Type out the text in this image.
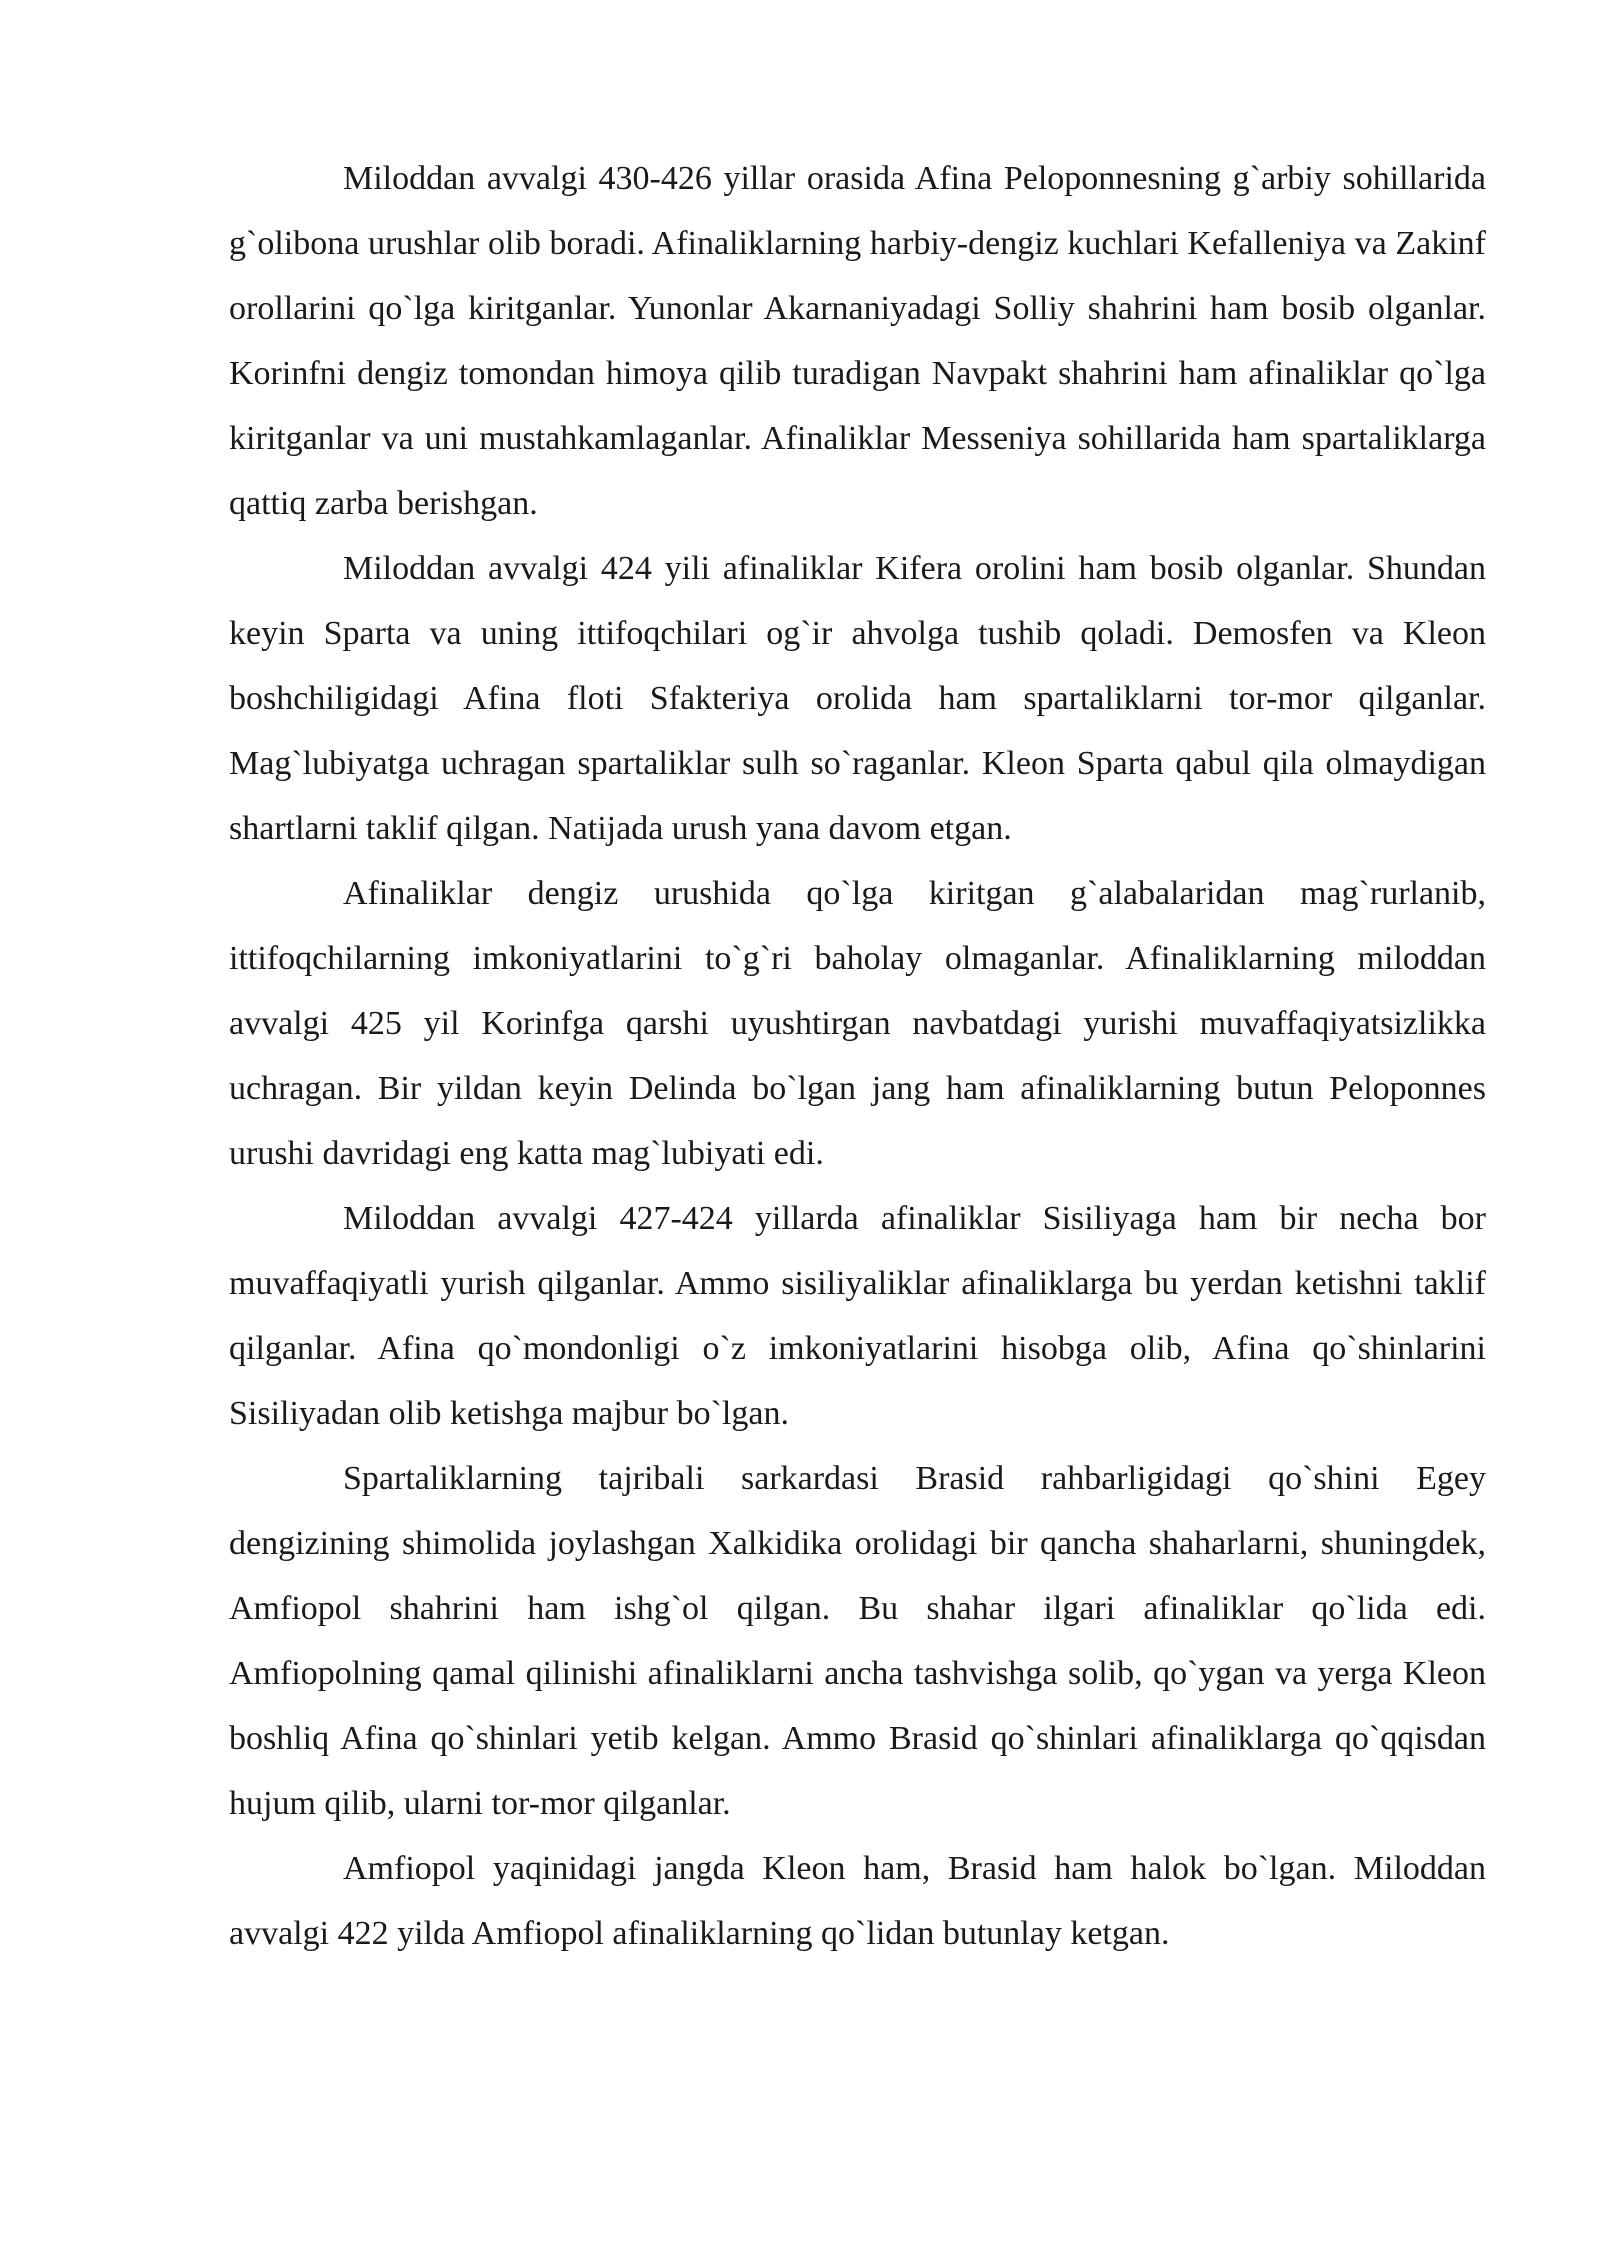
Miloddan avvalgi 430-426 yillar orasida Afina Peloponnesning g`arbiy sohillarida g`olibona urushlar olib boradi. Afinaliklarning harbiy-dengiz kuchlari Kefalleniya va Zakinf orollarini qo`lga kiritganlar. Yunonlar Akarnaniyadagi Solliy shahrini ham bosib olganlar. Korinfni dengiz tomondan himoya qilib turadigan Navpakt shahrini ham afinaliklar qo`lga kiritganlar va uni mustahkamlaganlar. Afinaliklar Messeniya sohillarida ham spartaliklarga qattiq zarba berishgan.

Miloddan avvalgi 424 yili afinaliklar Kifera orolini ham bosib olganlar. Shundan keyin Sparta va uning ittifoqchilari og`ir ahvolga tushib qoladi. Demosfen va Kleon boshchiligidagi Afina floti Sfakteriya orolida ham spartaliklarni tor-mor qilganlar. Mag`lubiyatga uchragan spartaliklar sulh so`raganlar. Kleon Sparta qabul qila olmaydigan shartlarni taklif qilgan. Natijada urush yana davom etgan.

Afinaliklar dengiz urushida qo`lga kiritgan g`alabalaridan mag`rurlanib, ittifoqchilarning imkoniyatlarini to`g`ri baholay olmaganlar. Afinaliklarning miloddan avvalgi 425 yil Korinfga qarshi uyushtirgan navbatdagi yurishi muvaffaqiyatsizlikka uchragan. Bir yildan keyin Delinda bo`lgan jang ham afinaliklarning butun Peloponnes urushi davridagi eng katta mag`lubiyati edi.

Miloddan avvalgi 427-424 yillarda afinaliklar Sisiliyaga ham bir necha bor muvaffaqiyatli yurish qilganlar. Ammo sisiliyaliklar afinaliklarga bu yerdan ketishni taklif qilganlar. Afina qo`mondonligi o`z imkoniyatlarini hisobga olib, Afina qo`shinlarini Sisiliyadan olib ketishga majbur bo`lgan.

Spartaliklarning tajribali sarkardasi Brasid rahbarligidagi qo`shini Egey dengizining shimolida joylashgan Xalkidika orolidagi bir qancha shaharlarni, shuningdek, Amfiopol shahrini ham ishg`ol qilgan. Bu shahar ilgari afinaliklar qo`lida edi. Amfiopolning qamal qilinishi afinaliklarni ancha tashvishga solib, qo`ygan va yerga Kleon boshliq Afina qo`shinlari yetib kelgan. Ammo Brasid qo`shinlari afinaliklarga qo`qqisdan hujum qilib, ularni tor-mor qilganlar.

Amfiopol yaqinidagi jangda Kleon ham, Brasid ham halok bo`lgan. Miloddan avvalgi 422 yilda Amfiopol afinaliklarning qo`lidan butunlay ketgan.
